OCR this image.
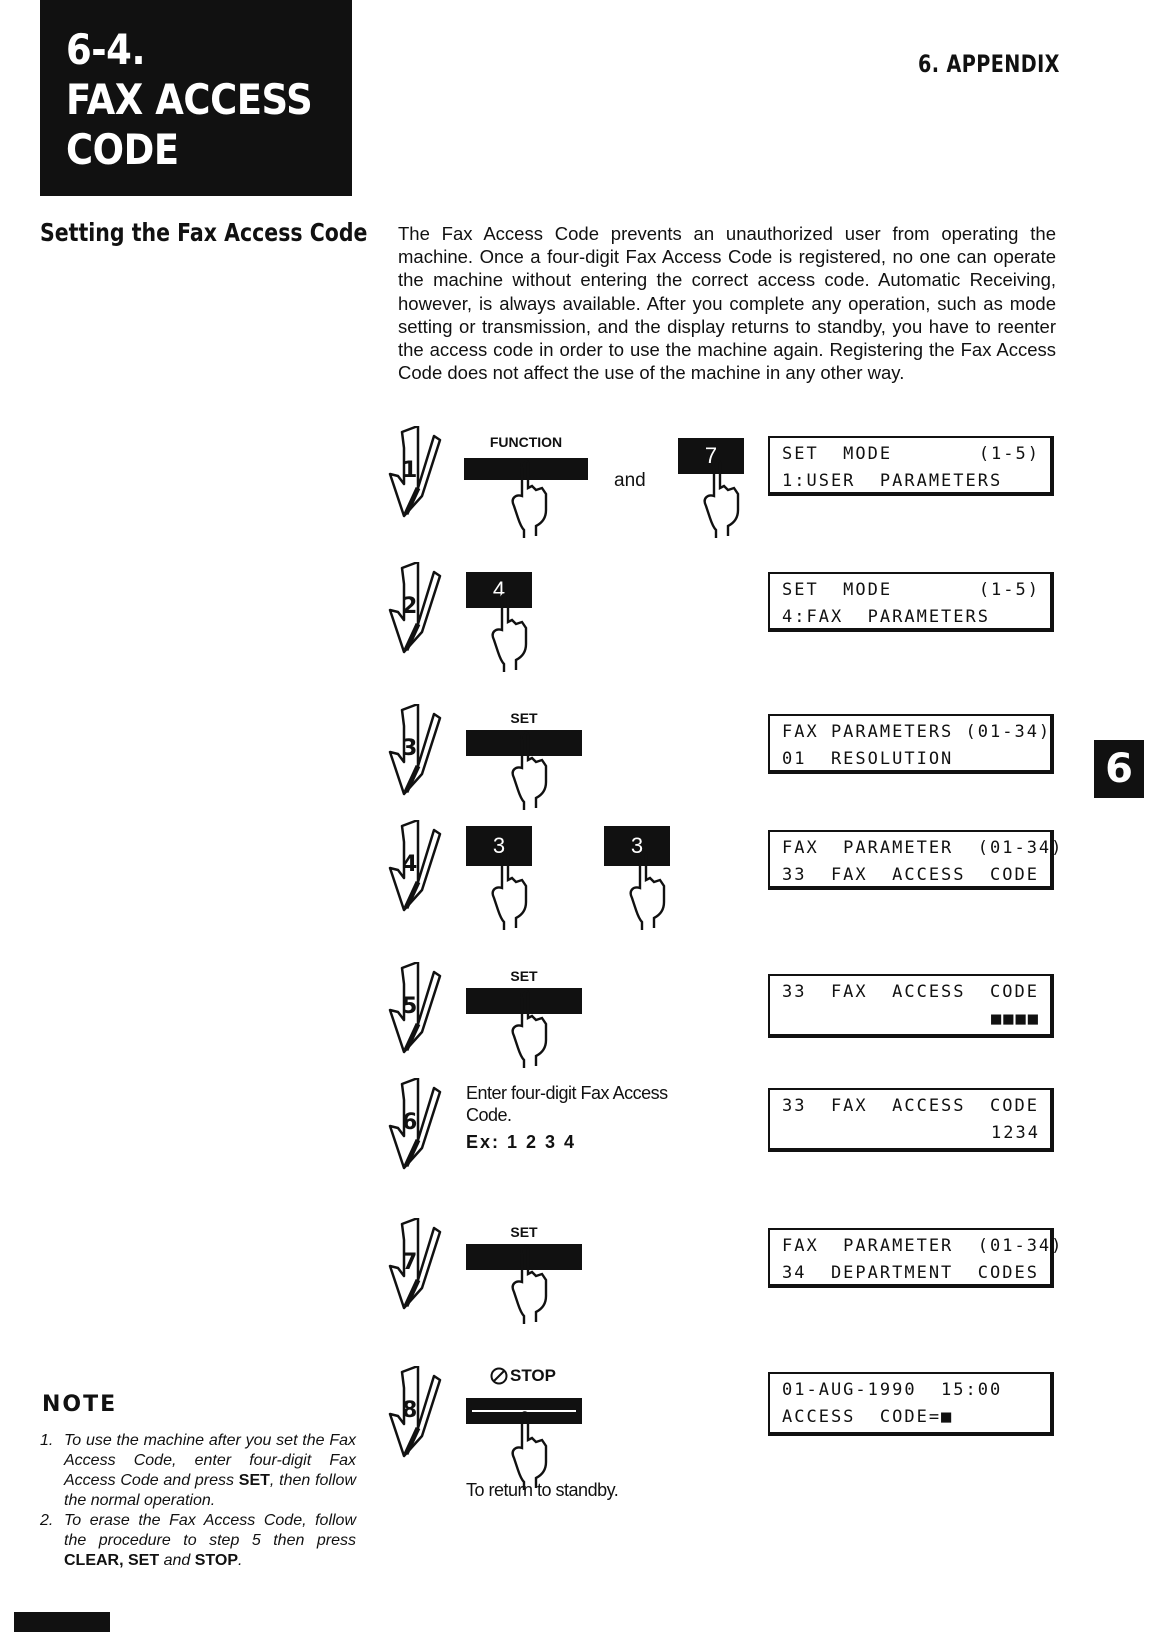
6-4.
FAX ACCESS
CODE
6. APPENDIX
Setting the Fax Access Code The Fax Access Code prevents an unauthorized user from operating the machine. Once a four-digit Fax Access Code is registered, no one can operate the machine without entering the correct access code. Automatic Receiving, however, is always available. After you complete any operation, such as mode setting or transmission, and the display returns to standby, you have to reenter the access code in order to use the machine again. Registering the Fax Access Code does not affect the use of the machine in any other way.
6
1
FUNCTION
and
7	SET  MODE	(1-5)
1:USER  PARAMETERS
2
4	SET  MODE	(1-5)
4:FAX  PARAMETERS
3
SET
FAX PARAMETERS (01-34)
01  RESOLUTION
4
3	3	FAX  PARAMETER  (01-34)
33  FAX  ACCESS  CODE
5
SET
33  FAX  ACCESS  CODE
■■■■
6
Enter four-digit Fax Access Code.
Ex: 1 2 3 4
33  FAX  ACCESS  CODE
1234
7
SET
FAX  PARAMETER  (01-34)
34  DEPARTMENT  CODES
8
STOP
To return to standby.
01-AUG-1990  15:00
ACCESS  CODE=■
NOTE
1. To use the machine after you set the Fax Access Code, enter four-digit Fax Access Code and press SET, then follow the normal operation.
2. To erase the Fax Access Code, follow the procedure to step 5 then press CLEAR, SET and STOP.
